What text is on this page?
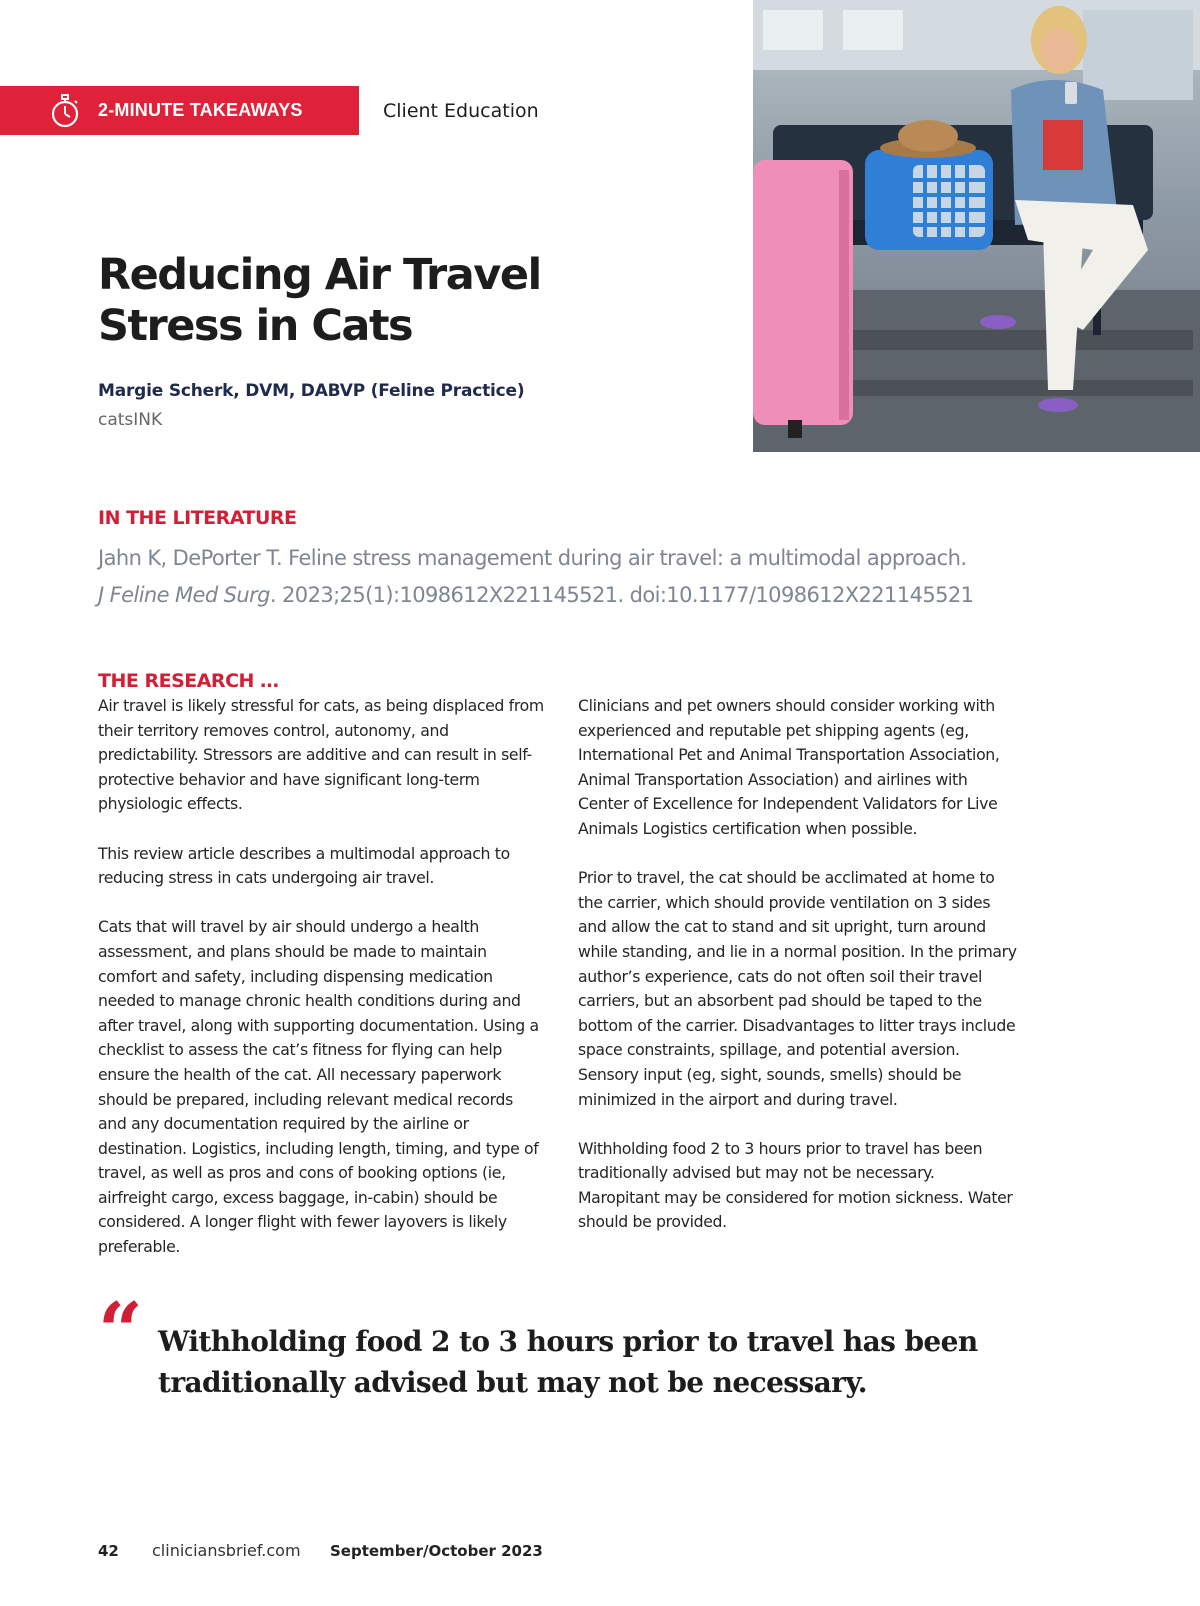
2-MINUTE TAKEAWAYS	Client Education
Reducing Air Travel
Stress in Cats
Margie Scherk, DVM, DABVP (Feline Practice)
catsINK
IN THE LITERATURE
Jahn K, DePorter T. Feline stress management during air travel: a multimodal approach.
J Feline Med Surg. 2023;25(1):1098612X221145521. doi:10.1177/1098612X221145521
THE RESEARCH …

Air travel is likely stressful for cats, as being displaced from their territory removes control, autonomy, and predictability. Stressors are additive and can result in self-protective behavior and have significant long-term physiologic effects.

This review article describes a multimodal approach to reducing stress in cats undergoing air travel.

Cats that will travel by air should undergo a health assessment, and plans should be made to maintain comfort and safety, including dispensing medication needed to manage chronic health conditions during and after travel, along with supporting documentation. Using a checklist to assess the cat’s fitness for flying can help ensure the health of the cat. All necessary paperwork should be prepared, including relevant medical records and any documentation required by the airline or destination. Logistics, including length, timing, and type of travel, as well as pros and cons of booking options (ie, airfreight cargo, excess baggage, in-cabin) should be considered. A longer flight with fewer layovers is likely preferable.

Clinicians and pet owners should consider working with experienced and reputable pet shipping agents (eg, International Pet and Animal Transportation Association, Animal Transportation Association) and airlines with Center of Excellence for Independent Validators for Live Animals Logistics certification when possible.

Prior to travel, the cat should be acclimated at home to the carrier, which should provide ventilation on 3 sides and allow the cat to stand and sit upright, turn around while standing, and lie in a normal position. In the primary author’s experience, cats do not often soil their travel carriers, but an absorbent pad should be taped to the bottom of the carrier. Disadvantages to litter trays include space constraints, spillage, and potential aversion. Sensory input (eg, sight, sounds, smells) should be minimized in the airport and during travel.

Withholding food 2 to 3 hours prior to travel has been traditionally advised but may not be necessary. Maropitant may be considered for motion sickness. Water should be provided.

“ Withholding food 2 to 3 hours prior to travel has been traditionally advised but may not be necessary.
42 cliniciansbrief.com September/October 2023
